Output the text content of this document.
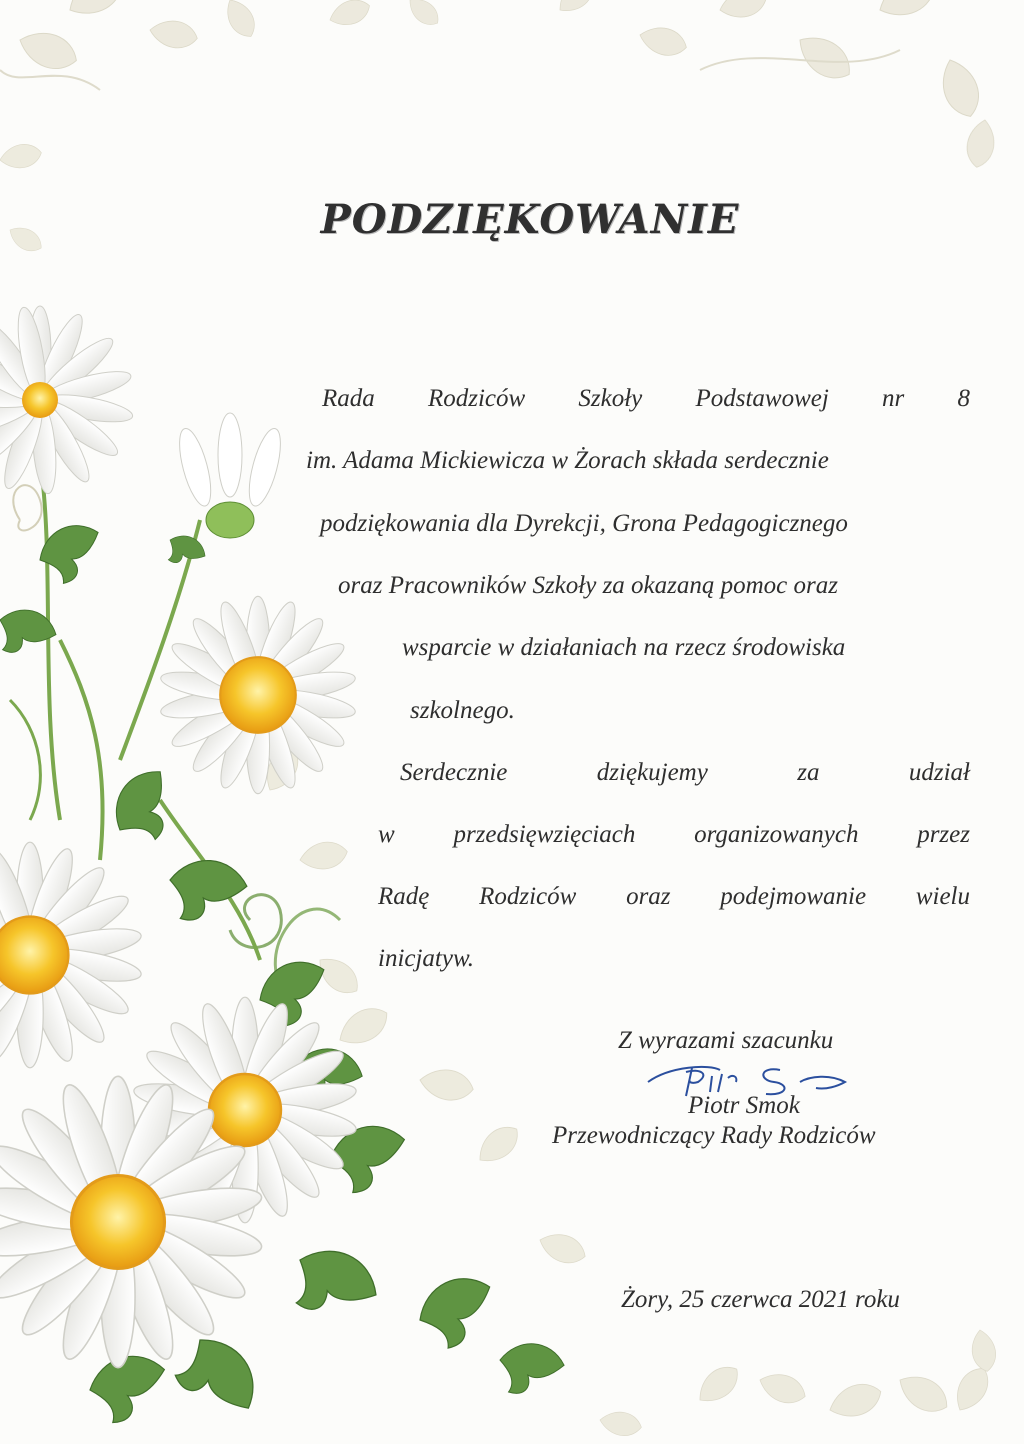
PODZIĘKOWANIE
Rada Rodziców Szkoły Podstawowej nr 8
im. Adama Mickiewicza w Żorach składa serdecznie
podziękowania dla Dyrekcji, Grona Pedagogicznego
oraz Pracowników Szkoły za okazaną pomoc oraz
wsparcie w działaniach na rzecz środowiska
szkolnego.
Serdecznie	dziękujemy	za	udział
w przedsięwzięciach organizowanych przez
Radę Rodziców oraz podejmowanie wielu
inicjatyw.
Z wyrazami szacunku
Piotr Smok
Przewodniczący Rady Rodziców
Żory, 25 czerwca 2021 roku
